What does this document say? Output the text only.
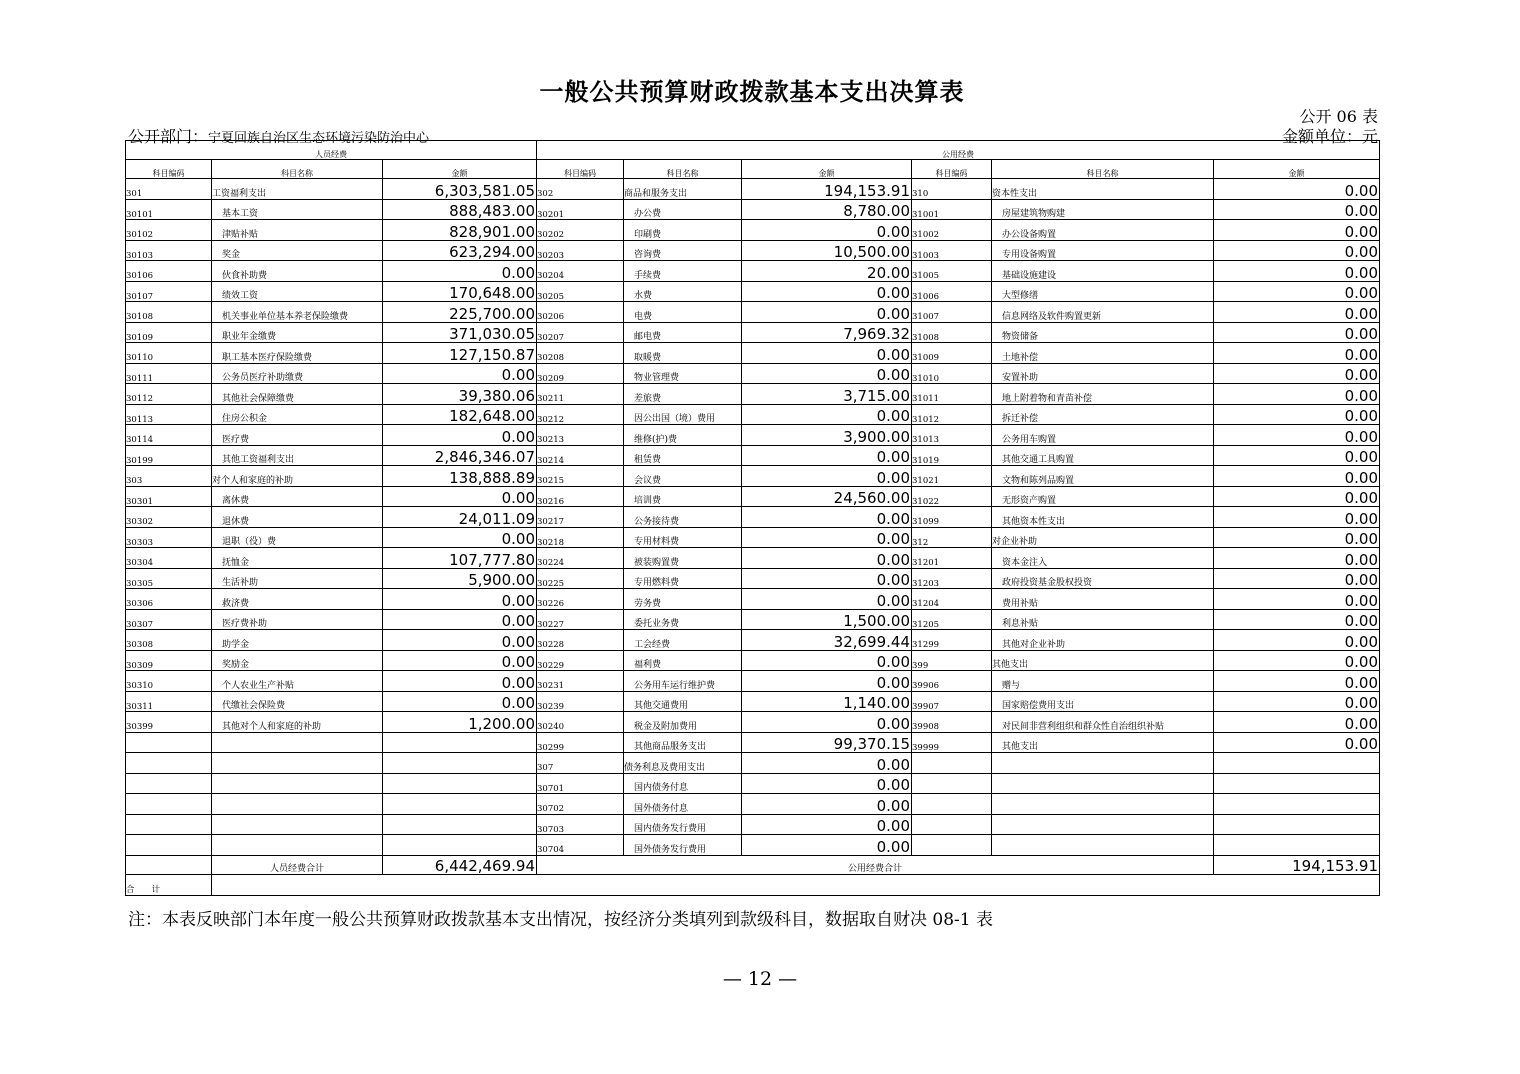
一般公共预算财政拨款基本支出决算表
公开 06 表
公开部门：宁夏回族自治区生态环境污染防治中心	金额单位：元
人员经费			公用经费					
科目编码	科目名称	金额	科目编码	科目名称	金额	科目编码	科目名称	金额
301	工资福利支出	6,303,581.05	302	商品和服务支出	194,153.91	310	资本性支出	0.00
30101	基本工资	888,483.00	30201	办公费	8,780.00	31001	房屋建筑物购建	0.00
30102	津贴补贴	828,901.00	30202	印刷费	0.00	31002	办公设备购置	0.00
30103	奖金	623,294.00	30203	咨询费	10,500.00	31003	专用设备购置	0.00
30106	伙食补助费	0.00	30204	手续费	20.00	31005	基础设施建设	0.00
30107	绩效工资	170,648.00	30205	水费	0.00	31006	大型修缮	0.00
30108	机关事业单位基本养老保险缴费	225,700.00	30206	电费	0.00	31007	信息网络及软件购置更新	0.00
30109	职业年金缴费	371,030.05	30207	邮电费	7,969.32	31008	物资储备	0.00
30110	职工基本医疗保险缴费	127,150.87	30208	取暖费	0.00	31009	土地补偿	0.00
30111	公务员医疗补助缴费	0.00	30209	物业管理费	0.00	31010	安置补助	0.00
30112	其他社会保障缴费	39,380.06	30211	差旅费	3,715.00	31011	地上附着物和青苗补偿	0.00
30113	住房公积金	182,648.00	30212	因公出国（境）费用	0.00	31012	拆迁补偿	0.00
30114	医疗费	0.00	30213	维修(护)费	3,900.00	31013	公务用车购置	0.00
30199	其他工资福利支出	2,846,346.07	30214	租赁费	0.00	31019	其他交通工具购置	0.00
303	对个人和家庭的补助	138,888.89	30215	会议费	0.00	31021	文物和陈列品购置	0.00
30301	离休费	0.00	30216	培训费	24,560.00	31022	无形资产购置	0.00
30302	退休费	24,011.09	30217	公务接待费	0.00	31099	其他资本性支出	0.00
30303	退职（役）费	0.00	30218	专用材料费	0.00	312	对企业补助	0.00
30304	抚恤金	107,777.80	30224	被装购置费	0.00	31201	资本金注入	0.00
30305	生活补助	5,900.00	30225	专用燃料费	0.00	31203	政府投资基金股权投资	0.00
30306	救济费	0.00	30226	劳务费	0.00	31204	费用补贴	0.00
30307	医疗费补助	0.00	30227	委托业务费	1,500.00	31205	利息补贴	0.00
30308	助学金	0.00	30228	工会经费	32,699.44	31299	其他对企业补助	0.00
30309	奖励金	0.00	30229	福利费	0.00	399	其他支出	0.00
30310	个人农业生产补贴	0.00	30231	公务用车运行维护费	0.00	39906	赠与	0.00
30311	代缴社会保险费	0.00	30239	其他交通费用	1,140.00	39907	国家赔偿费用支出	0.00
30399	其他对个人和家庭的补助	1,200.00	30240	税金及附加费用	0.00	39908	对民间非营利组织和群众性自治组织补贴	0.00
			30299	其他商品服务支出	99,370.15	39999	其他支出	0.00
			307	债务利息及费用支出	0.00			
			30701	国内债务付息	0.00			
			30702	国外债务付息	0.00			
			30703	国内债务发行费用	0.00			
			30704	国外债务发行费用	0.00			
	人员经费合计	6,442,469.94	公用经费合计					194,153.91
合　　计								
注：本表反映部门本年度一般公共预算财政拨款基本支出情况，按经济分类填列到款级科目，数据取自财决 08-1 表
— 12 —
